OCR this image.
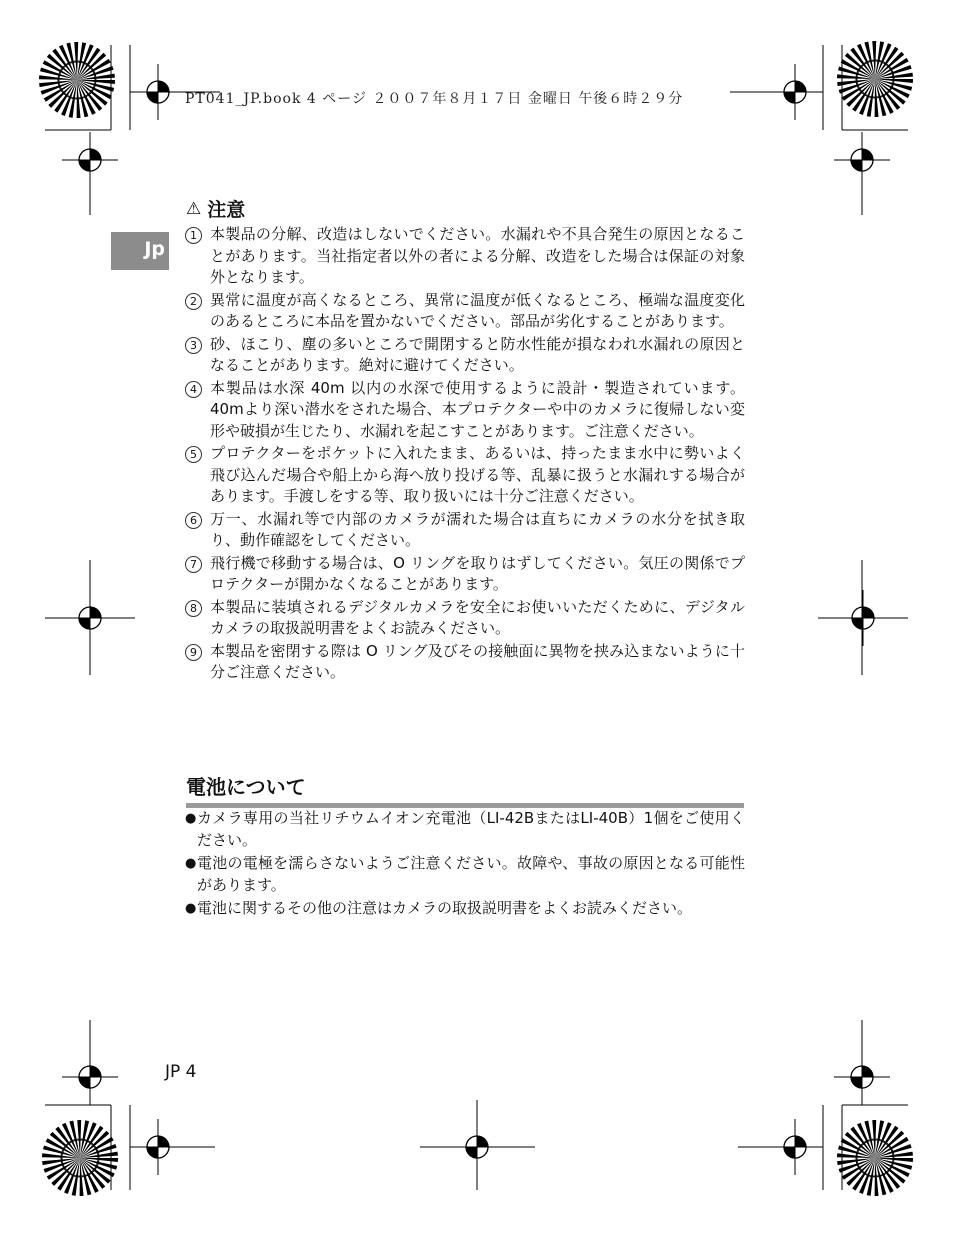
PT041_JP.book 4 ページ ２００７年８月１７日 金曜日 午後６時２９分
Jp
⚠ 注意
1 本製品の分解、改造はしないでください。水漏れや不具合発生の原因となることがあります。当社指定者以外の者による分解、改造をした場合は保証の対象外となります。
2 異常に温度が高くなるところ、異常に温度が低くなるところ、極端な温度変化のあるところに本品を置かないでください。部品が劣化することがあります。
3 砂、ほこり、塵の多いところで開閉すると防水性能が損なわれ水漏れの原因となることがあります。絶対に避けてください。
4 本製品は水深 40m 以内の水深で使用するように設計・製造されています。40mより深い潜水をされた場合、本プロテクターや中のカメラに復帰しない変形や破損が生じたり、水漏れを起こすことがあります。ご注意ください。
5 プロテクターをポケットに入れたまま、あるいは、持ったまま水中に勢いよく飛び込んだ場合や船上から海へ放り投げる等、乱暴に扱うと水漏れする場合があります。手渡しをする等、取り扱いには十分ご注意ください。
6 万一、水漏れ等で内部のカメラが濡れた場合は直ちにカメラの水分を拭き取り、動作確認をしてください。
7 飛行機で移動する場合は、O リングを取りはずしてください。気圧の関係でプロテクターが開かなくなることがあります。
8 本製品に装填されるデジタルカメラを安全にお使いいただくために、デジタルカメラの取扱説明書をよくお読みください。
9 本製品を密閉する際は O リング及びその接触面に異物を挟み込まないように十分ご注意ください。
電池について
● カメラ専用の当社リチウムイオン充電池（LI-42BまたはLI-40B）1個をご使用ください。
● 電池の電極を濡らさないようご注意ください。故障や、事故の原因となる可能性があります。
● 電池に関するその他の注意はカメラの取扱説明書をよくお読みください。
JP 4
